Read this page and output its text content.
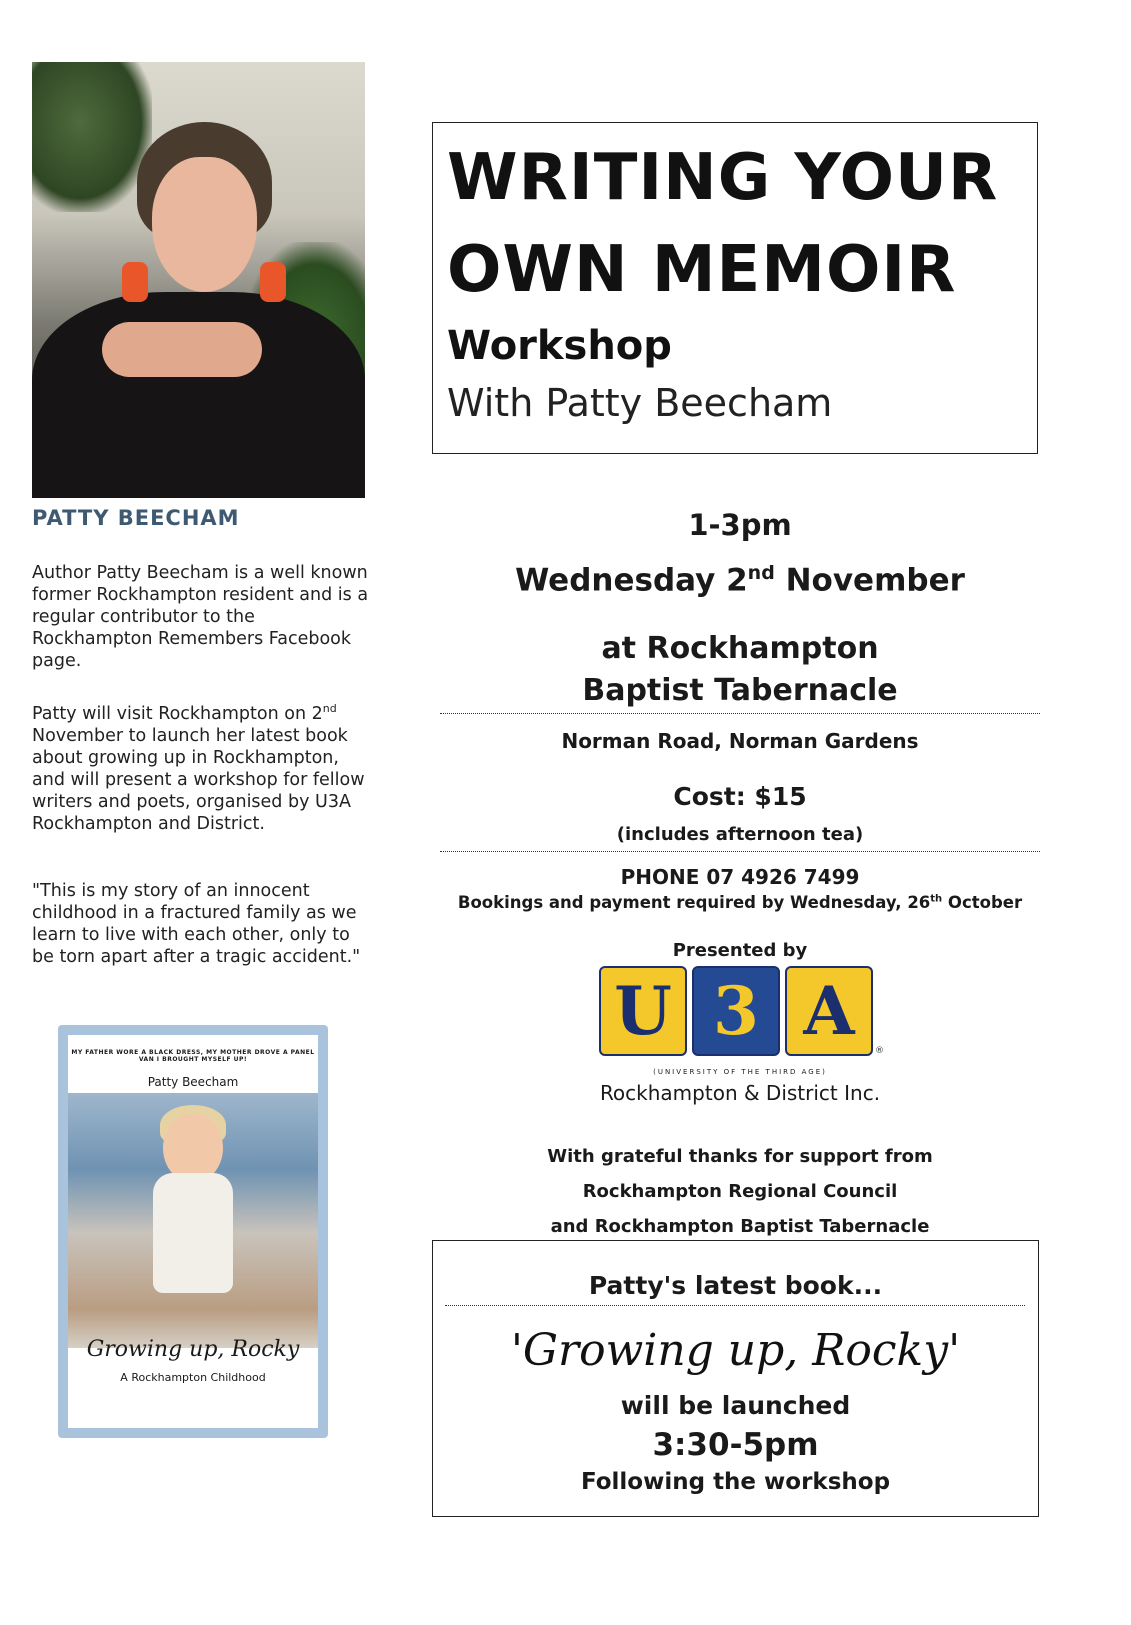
PATTY BEECHAM
Author Patty Beecham is a well known former Rockhampton resident and is a regular contributor to the Rockhampton Remembers Facebook page.
Patty will visit Rockhampton on 2nd November to launch her latest book about growing up in Rockhampton, and will present a workshop for fellow writers and poets, organised by U3A Rockhampton and District.
"This is my story of an innocent childhood in a fractured family as we learn to live with each other, only to be torn apart after a tragic accident."
MY FATHER WORE A BLACK DRESS, MY MOTHER DROVE A PANEL VAN I BROUGHT MYSELF UP!
Patty Beecham
Growing up, Rocky
A Rockhampton Childhood
WRITING YOUR
OWN MEMOIR
Workshop
With Patty Beecham
1-3pm
Wednesday 2nd November
at Rockhampton
Baptist Tabernacle
Norman Road, Norman Gardens
Cost: $15
(includes afternoon tea)
PHONE 07 4926 7499
Bookings and payment required by Wednesday, 26th October
Presented by
U 3 A
®
(UNIVERSITY OF THE THIRD AGE)
Rockhampton & District Inc.
With grateful thanks for support from
Rockhampton Regional Council
and Rockhampton Baptist Tabernacle
Patty's latest book...
'Growing up, Rocky'
will be launched
3:30-5pm
Following the workshop
